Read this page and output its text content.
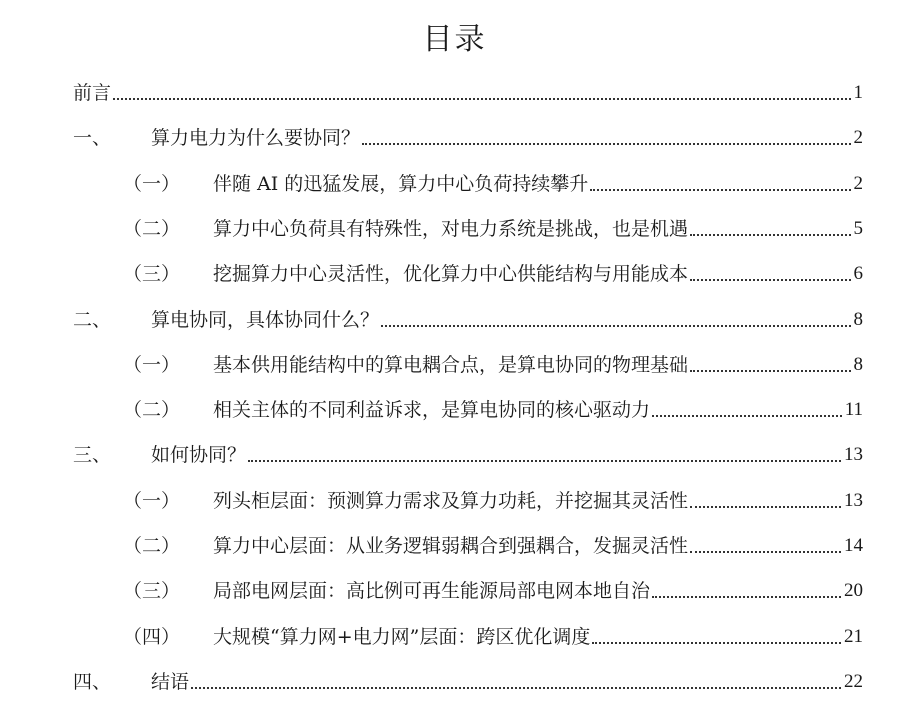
目录
前言	1
一、	算力电力为什么要协同？	2
（一）	伴随 AI 的迅猛发展，算力中心负荷持续攀升	2
（二）	算力中心负荷具有特殊性，对电力系统是挑战，也是机遇	5
（三）	挖掘算力中心灵活性，优化算力中心供能结构与用能成本	6
二、	算电协同，具体协同什么？	8
（一）	基本供用能结构中的算电耦合点，是算电协同的物理基础	8
（二）	相关主体的不同利益诉求，是算电协同的核心驱动力	11
三、	如何协同？	13
（一）	列头柜层面：预测算力需求及算力功耗，并挖掘其灵活性	13
（二）	算力中心层面：从业务逻辑弱耦合到强耦合，发掘灵活性	14
（三）	局部电网层面：高比例可再生能源局部电网本地自治	20
（四）	大规模“算力网+电力网”层面：跨区优化调度	21
四、	结语	22
